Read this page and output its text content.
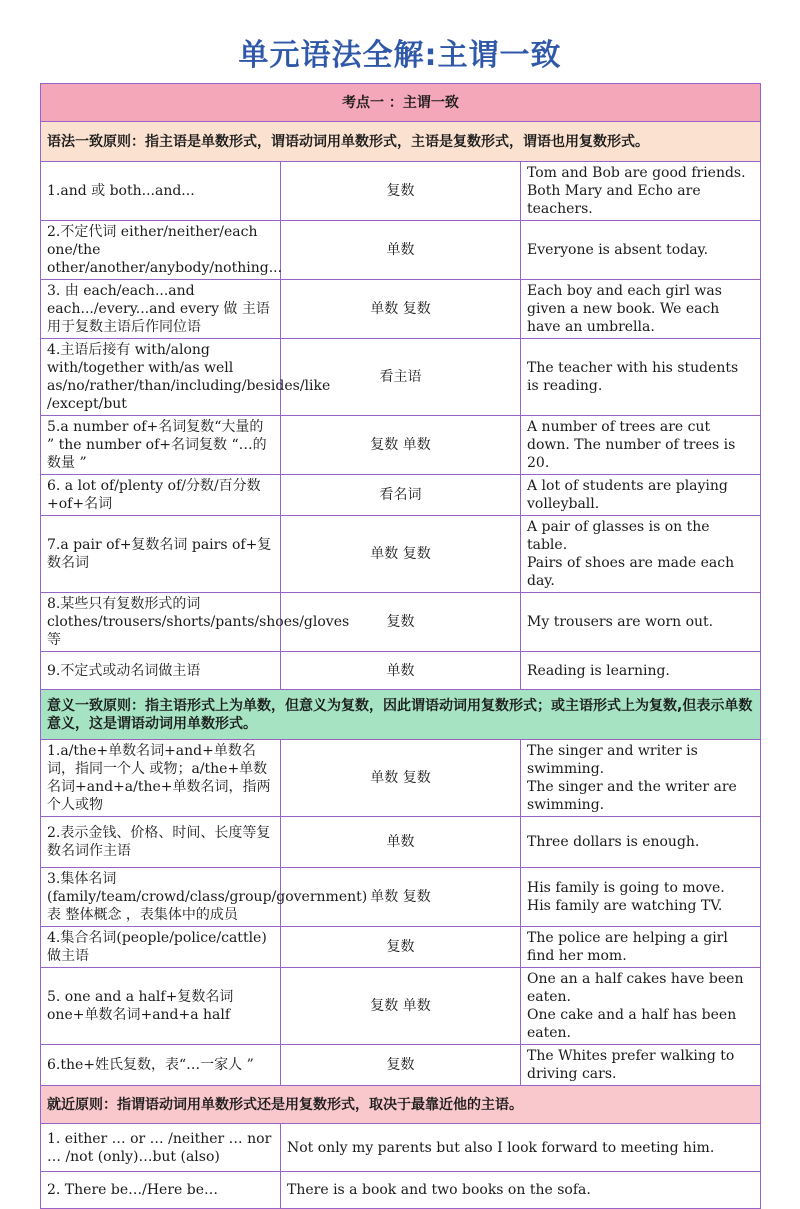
单元语法全解:主谓一致
考点一 ：主谓一致		
语法一致原则：指主语是单数形式，谓语动词用单数形式，主语是复数形式，谓语也用复数形式。		
1.and 或 both...and...	复数	Tom and Bob are good friends.
Both Mary and Echo are teachers.

2.不定代词 either/neither/each one/the other/another/anybody/nothing...	单数	Everyone is absent today.

3. 由 each/each...and each.../every...and every 做 主语用于复数主语后作同位语	单数 复数	Each boy and each girl was given a new book. We each have an umbrella.

4.主语后接有 with/along with/together with/as well as/no/rather/than/including/besides/like /except/but	看主语	The teacher with his students is reading.

5.a number of+名词复数“大量的 ” the number of+名词复数 “…的数量 ”	复数 单数	A number of trees are cut down. The number of trees is 20.

6. a lot of/plenty of/分数/百分数 +of+名词	看名词	A lot of students are playing volleyball.

7.a pair of+复数名词 pairs of+复数名词	单数 复数	A pair of glasses is on the table.
Pairs of shoes are made each day.

8.某些只有复数形式的词 clothes/trousers/shorts/pants/shoes/gloves 等	复数	My trousers are worn out.

9.不定式或动名词做主语	单数	Reading is learning.

意义一致原则：指主语形式上为单数，但意义为复数，因此谓语动词用复数形式；或主语形式上为复数,但表示单数意义，这是谓语动词用单数形式。		
1.a/the+单数名词+and+单数名词，指同一个人 或物；a/the+单数名词+and+a/the+单数名词，指两个人或物	单数 复数	The singer and writer is swimming.
The singer and the writer are swimming.

2.表示金钱、价格、时间、长度等复数名词作主语	单数	Three dollars is enough.

3.集体名词 (family/team/crowd/class/group/government) 表 整体概念 ，表集体中的成员	单数 复数	His family is going to move.
His family are watching TV.

4.集合名词(people/police/cattle)做主语	复数	The police are helping a girl find her mom.

5. one and a half+复数名词 one+单数名词+and+a half	复数 单数	One an a half cakes have been eaten.
One cake and a half has been eaten.

6.the+姓氏复数，表“…一家人 ”	复数	The Whites prefer walking to driving cars.

就近原则：指谓语动词用单数形式还是用复数形式，取决于最靠近他的主语。		
1. either … or … /neither … nor … /not (only)…but (also)	Not only my parents but also I look forward to meeting him.	
2. There be…/Here be…	There is a book and two books on the sofa.	
